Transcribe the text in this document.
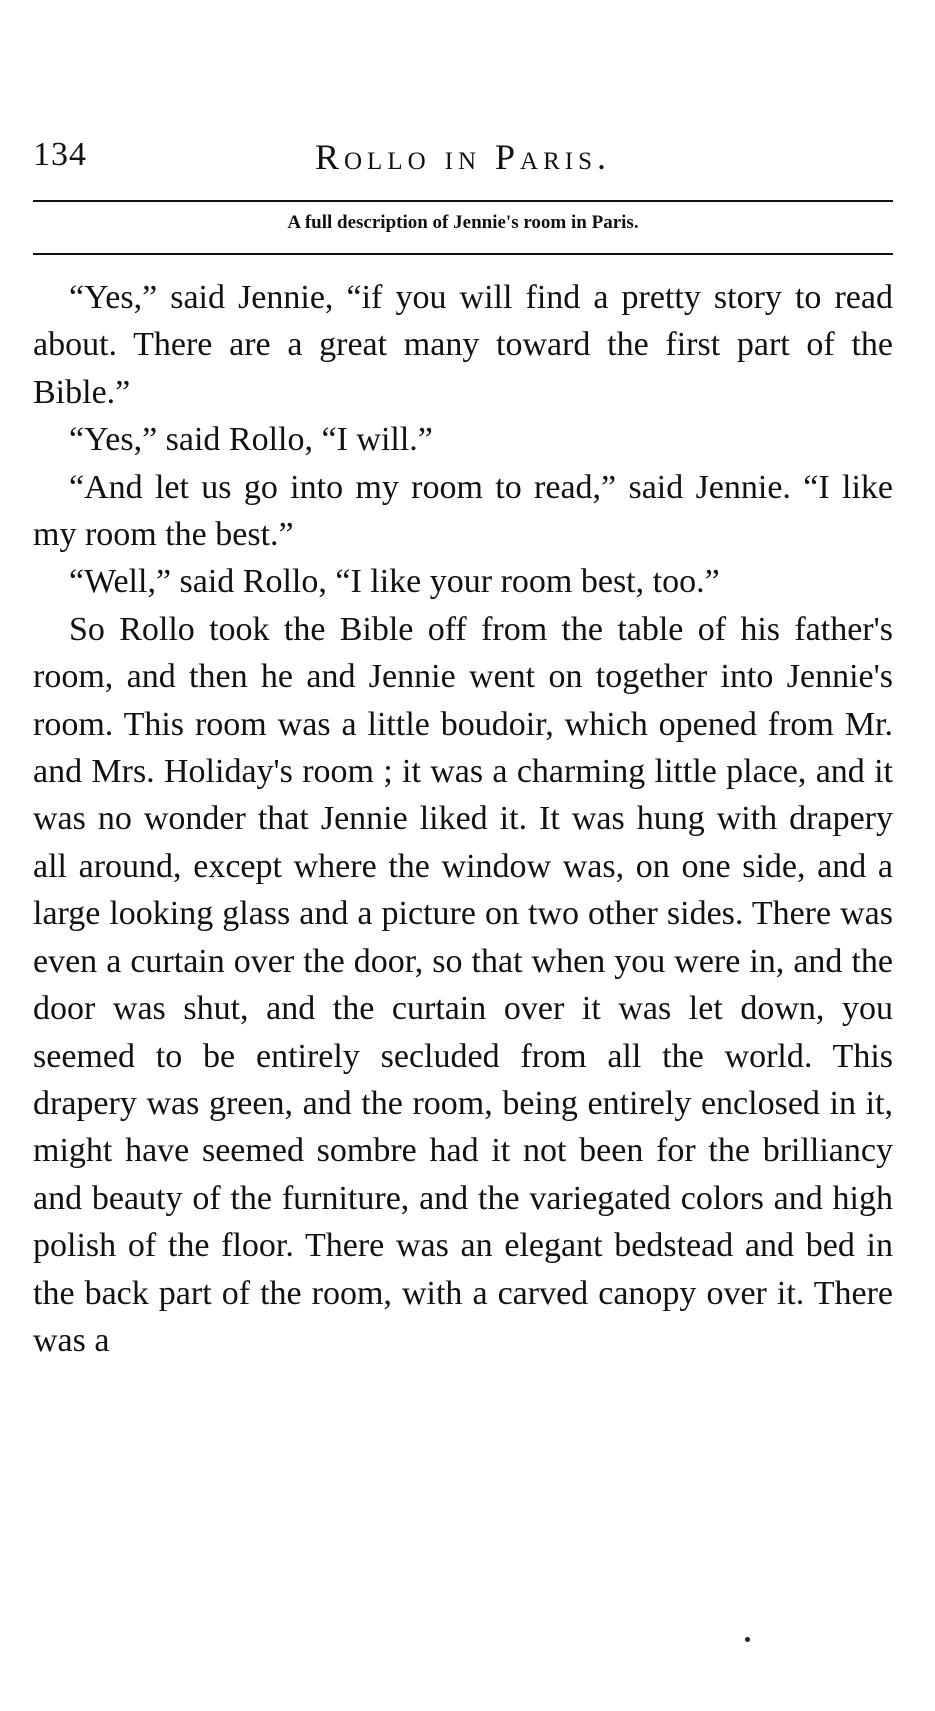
134	Rollo in Paris.
A full description of Jennie's room in Paris.

“Yes,” said Jennie, “if you will find a pretty story to read about. There are a great many toward the first part of the Bible.”

“Yes,” said Rollo, “I will.”

“And let us go into my room to read,” said Jennie. “I like my room the best.”

“Well,” said Rollo, “I like your room best, too.”

So Rollo took the Bible off from the table of his father's room, and then he and Jennie went on together into Jennie's room. This room was a little boudoir, which opened from Mr. and Mrs. Holiday's room ; it was a charming little place, and it was no wonder that Jennie liked it. It was hung with drapery all around, except where the window was, on one side, and a large looking glass and a picture on two other sides. There was even a curtain over the door, so that when you were in, and the door was shut, and the curtain over it was let down, you seemed to be entirely secluded from all the world. This drapery was green, and the room, being entirely enclosed in it, might have seemed sombre had it not been for the brilliancy and beauty of the furniture, and the variegated colors and high polish of the floor. There was an elegant bedstead and bed in the back part of the room, with a carved canopy over it. There was a
